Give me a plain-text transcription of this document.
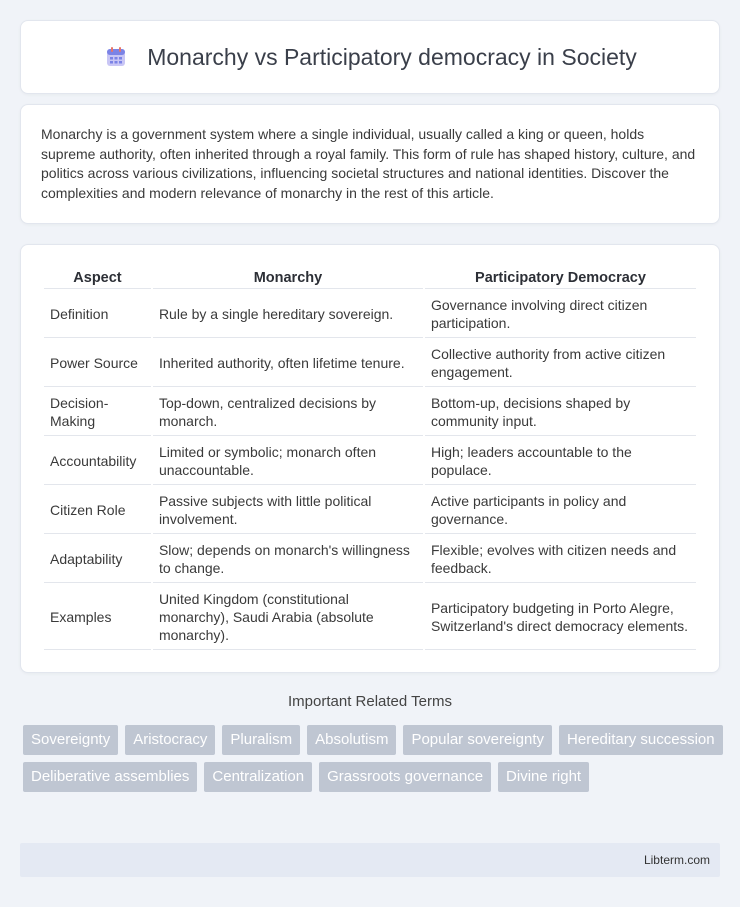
Monarchy vs Participatory democracy in Society

Monarchy is a government system where a single individual, usually called a king or queen, holds supreme authority, often inherited through a royal family. This form of rule has shaped history, culture, and politics across various civilizations, influencing societal structures and national identities. Discover the complexities and modern relevance of monarchy in the rest of this article.

Aspect	Monarchy	Participatory Democracy
Definition	Rule by a single hereditary sovereign.	Governance involving direct citizen participation.
Power Source	Inherited authority, often lifetime tenure.	Collective authority from active citizen engagement.
Decision-Making	Top-down, centralized decisions by monarch.	Bottom-up, decisions shaped by community input.
Accountability	Limited or symbolic; monarch often unaccountable.	High; leaders accountable to the populace.
Citizen Role	Passive subjects with little political involvement.	Active participants in policy and governance.
Adaptability	Slow; depends on monarch's willingness to change.	Flexible; evolves with citizen needs and feedback.
Examples	United Kingdom (constitutional monarchy), Saudi Arabia (absolute monarchy).	Participatory budgeting in Porto Alegre, Switzerland's direct democracy elements.
Important Related Terms
Sovereignty	Aristocracy	Pluralism	Absolutism	Popular sovereignty	Hereditary succession
Deliberative assemblies	Centralization	Grassroots governance	Divine right
Libterm.com
